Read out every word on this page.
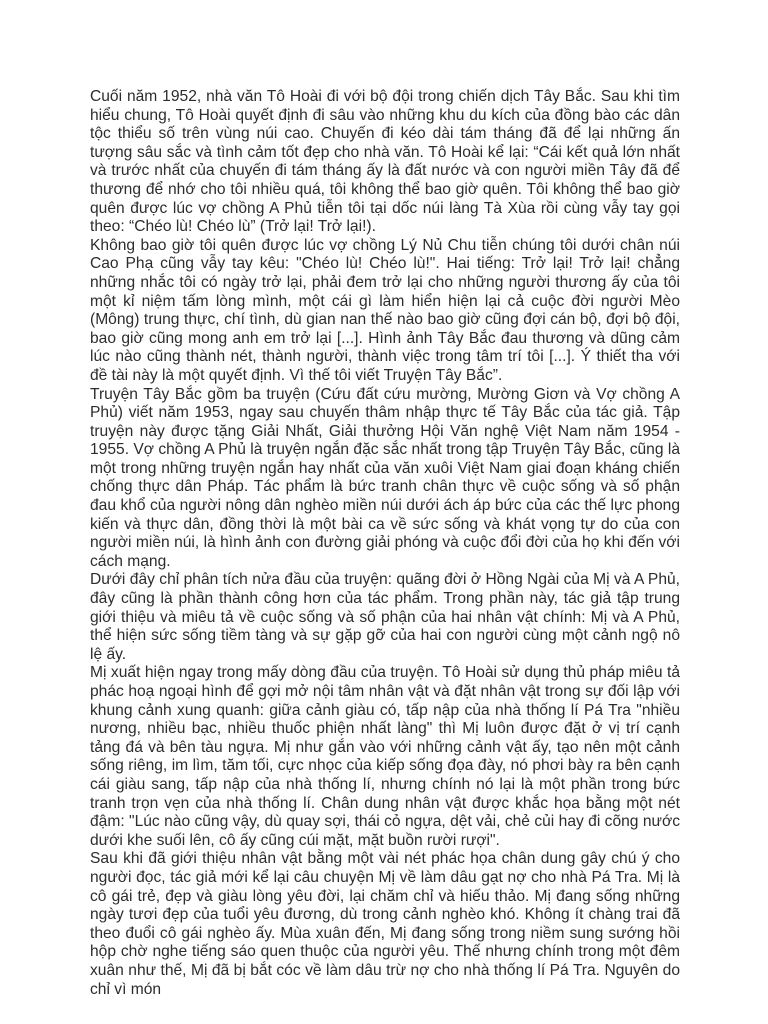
Cuối năm 1952, nhà văn Tô Hoài đi với bộ đội trong chiến dịch Tây Bắc. Sau khi tìm hiểu chung, Tô Hoài quyết định đi sâu vào những khu du kích của đồng bào các dân tộc thiểu số trên vùng núi cao. Chuyến đi kéo dài tám tháng đã để lại những ấn tượng sâu sắc và tình cảm tốt đẹp cho nhà văn. Tô Hoài kể lại: “Cái kết quả lớn nhất và trước nhất của chuyến đi tám tháng ấy là đất nước và con người miền Tây đã để thương để nhớ cho tôi nhiều quá, tôi không thể bao giờ quên. Tôi không thể bao giờ quên được lúc vợ chồng A Phủ tiễn tôi tại dốc núi làng Tà Xùa rồi cùng vẫy tay gọi theo: “Chéo lù! Chéo lù” (Trở lại! Trở lại!).

Không bao giờ tôi quên được lúc vợ chồng Lý Nủ Chu tiễn chúng tôi dưới chân núi Cao Phạ cũng vẫy tay kêu: "Chéo lù! Chéo lù!". Hai tiếng: Trở lại! Trở lại! chẳng những nhắc tôi có ngày trở lại, phải đem trở lại cho những người thương ấy của tôi một kỉ niệm tấm lòng mình, một cái gì làm hiển hiện lại cả cuộc đời người Mèo (Mông) trung thực, chí tình, dù gian nan thế nào bao giờ cũng đợi cán bộ, đợi bộ đội, bao giờ cũng mong anh em trở lại [...]. Hình ảnh Tây Bắc đau thương và dũng cảm lúc nào cũng thành nét, thành người, thành việc trong tâm trí tôi [...]. Ý thiết tha với đề tài này là một quyết định. Vì thế tôi viết Truyện Tây Bắc”.

Truyện Tây Bắc gồm ba truyện (Cứu đất cứu mường, Mường Giơn và Vợ chồng A Phủ) viết năm 1953, ngay sau chuyến thâm nhập thực tế Tây Bắc của tác giả. Tập truyện này được tặng Giải Nhất, Giải thưởng Hội Văn nghệ Việt Nam năm 1954 - 1955. Vợ chồng A Phủ là truyện ngắn đặc sắc nhất trong tập Truyện Tây Bắc, cũng là một trong những truyện ngắn hay nhất của văn xuôi Việt Nam giai đoạn kháng chiến chống thực dân Pháp. Tác phẩm là bức tranh chân thực về cuộc sống và số phận đau khổ của người nông dân nghèo miền núi dưới ách áp bức của các thế lực phong kiến và thực dân, đồng thời là một bài ca về sức sống và khát vọng tự do của con người miền núi, là hình ảnh con đường giải phóng và cuộc đổi đời của họ khi đến với cách mạng.

Dưới đây chỉ phân tích nửa đầu của truyện: quãng đời ở Hồng Ngài của Mị và A Phủ, đây cũng là phần thành công hơn của tác phẩm. Trong phần này, tác giả tập trung giới thiệu và miêu tả về cuộc sống và số phận của hai nhân vật chính: Mị và A Phủ, thể hiện sức sống tiềm tàng và sự gặp gỡ của hai con người cùng một cảnh ngộ nô lệ ấy.

Mị xuất hiện ngay trong mấy dòng đầu của truyện. Tô Hoài sử dụng thủ pháp miêu tả phác hoạ ngoại hình để gợi mở nội tâm nhân vật và đặt nhân vật trong sự đối lập với khung cảnh xung quanh: giữa cảnh giàu có, tấp nập của nhà thống lí Pá Tra "nhiều nương, nhiều bạc, nhiều thuốc phiện nhất làng" thì Mị luôn được đặt ở vị trí cạnh tảng đá và bên tàu ngựa. Mị như gắn vào với những cảnh vật ấy, tạo nên một cảnh sống riêng, im lìm, tăm tối, cực nhọc của kiếp sống đọa đày, nó phơi bày ra bên cạnh cái giàu sang, tấp nập của nhà thống lí, nhưng chính nó lại là một phần trong bức tranh trọn vẹn của nhà thống lí. Chân dung nhân vật được khắc họa bằng một nét đậm: "Lúc nào cũng vậy, dù quay sợi, thái cỏ ngựa, dệt vải, chẻ củi hay đi cõng nước dưới khe suối lên, cô ấy cũng cúi mặt, mặt buồn rười rượi".

Sau khi đã giới thiệu nhân vật bằng một vài nét phác họa chân dung gây chú ý cho người đọc, tác giả mới kể lại câu chuyện Mị về làm dâu gạt nợ cho nhà Pá Tra. Mị là cô gái trẻ, đẹp và giàu lòng yêu đời, lại chăm chỉ và hiếu thảo. Mị đang sống những ngày tươi đẹp của tuổi yêu đương, dù trong cảnh nghèo khó. Không ít chàng trai đã theo đuổi cô gái nghèo ấy. Mùa xuân đến, Mị đang sống trong niềm sung sướng hồi hộp chờ nghe tiếng sáo quen thuộc của người yêu. Thế nhưng chính trong một đêm xuân như thế, Mị đã bị bắt cóc về làm dâu trừ nợ cho nhà thống lí Pá Tra. Nguyên do chỉ vì món
